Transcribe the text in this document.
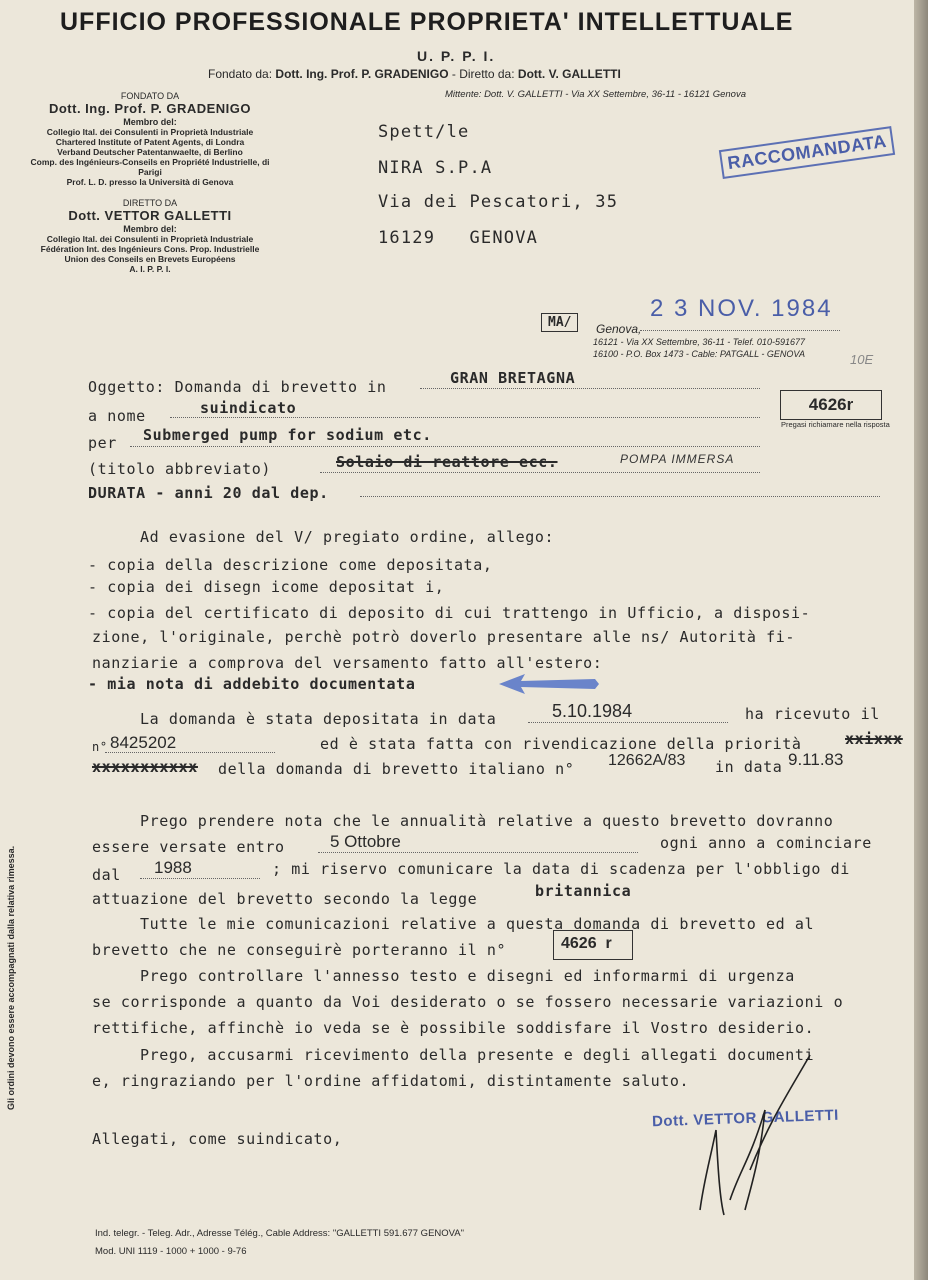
UFFICIO PROFESSIONALE PROPRIETA' INTELLETTUALE
U. P. P. I.
Fondato da: Dott. Ing. Prof. P. GRADENIGO - Diretto da: Dott. V. GALLETTI
FONDATO DA
Dott. Ing. Prof. P. GRADENIGO
Membro del:
Collegio Ital. dei Consulenti in Proprietà Industriale
Chartered Institute of Patent Agents, di Londra
Verband Deutscher Patentanwaelte, di Berlino
Comp. des Ingénieurs-Conseils en Propriété Industrielle, di Parigi
Prof. L. D. presso la Università di Genova
DIRETTO DA
Dott. VETTOR GALLETTI
Membro del:
Collegio Ital. dei Consulenti in Proprietà Industriale
Fédération Int. des Ingénieurs Cons. Prop. Industrielle
Union des Conseils en Brevets Européens
A. I. P. P. I.
Mittente: Dott. V. GALLETTI - Via XX Settembre, 36-11 - 16121 Genova
Spett/le
NIRA S.P.A
Via dei Pescatori, 35
16129   GENOVA
RACCOMANDATA
MA/	Genova,
2 3 NOV. 1984
16121 - Via XX Settembre, 36-11 - Telef. 010-591677
16100 - P.O. Box 1473 - Cable: PATGALL - GENOVA	10E
Oggetto: Domanda di brevetto in	GRAN BRETAGNA
a nome	suindicato	4626r
Pregasi richiamare nella risposta
per Submerged pump for sodium etc.
(titolo abbreviato)	Solaio di reattore ecc.	POMPA IMMERSA
DURATA - anni 20 dal dep.
Ad evasione del V/ pregiato ordine, allego:
- copia della descrizione come depositata,
- copia dei disegn icome depositat i,
- copia del certificato di deposito di cui trattengo in Ufficio, a disposi-
zione, l'originale, perchè potrò doverlo presentare alle ns/ Autorità fi-
nanziarie a comprova del versamento fatto all'estero:
- mia nota di addebito documentata
La domanda è stata depositata in data	5.10.1984	ha ricevuto il
n° 8425202	ed è stata fatta con rivendicazione della priorità	xxixxx
xxxxxxxxxxx della domanda di brevetto italiano n° 12662A/83 in data 9.11.83
Prego prendere nota che le annualità relative a questo brevetto dovranno
essere versate entro	5 Ottobre	ogni anno a cominciare
dal 1988	; mi riservo comunicare la data di scadenza per l'obbligo di
attuazione del brevetto secondo la legge	britannica
Tutte le mie comunicazioni relative a questa domanda di brevetto ed al
brevetto che ne conseguirè porteranno il n°	4626  r
Prego controllare l'annesso testo e disegni ed informarmi di urgenza
se corrisponde a quanto da Voi desiderato o se fossero necessarie variazioni o
rettifiche, affinchè io veda se è possibile soddisfare il Vostro desiderio.
Prego, accusarmi ricevimento della presente e degli allegati documenti
e, ringraziando per l'ordine affidatomi, distintamente saluto.
Allegati, come suindicato,
Dott. VETTOR GALLETTI
Gli ordini devono essere accompagnati dalla relativa rimessa.
Ind. telegr. - Teleg. Adr., Adresse Télég., Cable Address: "GALLETTI 591.677 GENOVA"
Mod. UNI 1119 - 1000 + 1000 - 9-76
